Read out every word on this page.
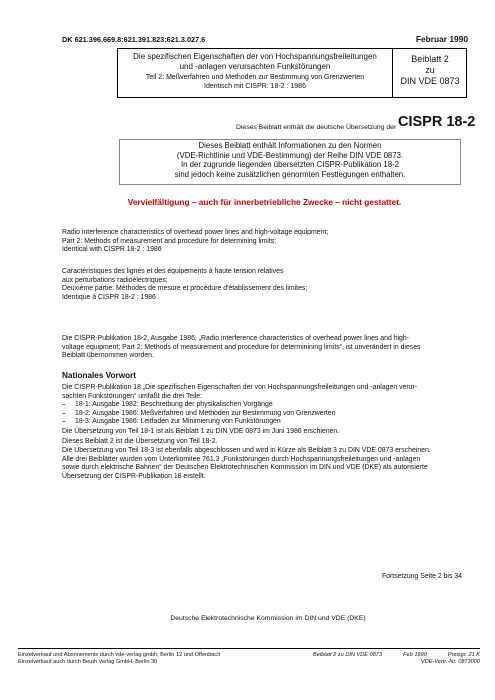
DK 621.396.669.8:621.391.823:621.3.027.6	Februar 1990
Die spezifischen Eigenschaften der von Hochspannungsfreileitungen
und -anlagen verursachten Funkstörungen
Teil 2: Meßverfahren und Methoden zur Bestimmung von Grenzwerten
Identisch mit CISPR: 18-2 : 1986
Beiblatt 2
zu
DIN VDE 0873
Dieses Beiblatt enthält die deutsche Übersetzung der CISPR 18-2
Dieses Beiblatt enthält Informationen zu den Normen
(VDE-Richtlinie und VDE-Bestimmung) der Reihe DIN VDE 0873.
In der zugrunde liegenden übersetzten CISPR-Publikation 18-2
sind jedoch keine zusätzlichen genormten Festlegungen enthalten.
Vervielfältigung – auch für innerbetriebliche Zwecke – nicht gestattet.
Radio interference characteristics of overhead power lines and high-voltage equipment;
Part 2: Methods of measurement and procedure for determining limits;
Identical with CISPR 18-2 : 1986
Caractéristiques des lignes et des équipements à haute tension relatives
aux perturbations radioélectriques;
Deuxième partie: Méthodes de mesure et procédure d'établissement des limites;
Identique à CISPR 18-2 : 1986
Die CISPR-Publikation 18-2, Ausgabe 1986, „Radio interference characteristics of overhead power lines and high-
voltage equipment; Part 2: Methods of measurement and procedure for determinining limits“, ist unverändert in dieses
Beiblatt übernommen worden.
Nationales Vorwort
Die CISPR-Publikation 18 „Die spezifischen Eigenschaften der von Hochspannungsfreileitungen und -anlagen verur-
sachten Funkstörungen“ umfaßt die drei Teile:
–	18-1: Ausgabe 1982: Beschreibung der physikalischen Vorgänge
–	18-2: Ausgabe 1986: Meßverfahren und Methoden zur Bestimmung von Grenzwerten
–	18-3: Ausgabe 1986: Leitfaden zur Minimierung von Funkstörungen
Die Übersetzung von Teil 18-1 ist als Beiblatt 1 zu DIN VDE 0873 im Juni 1986 erschienen.
Dieses Beiblatt 2 ist die Übersetzung von Teil 18-2.
Die Übersetzung von Teil 18-3 ist ebenfalls abgeschlossen und wird in Kürze als Beiblatt 3 zu DIN VDE 0873 erscheinen.
Alle drei Beiblätter wurden vom Unterkomitee 761.3 „Funkstörungen durch Hochspannungsfreileitungen und -anlagen
sowie durch elektrische Bahnen“ der Deutschen Elektrotechnischen Kommission im DIN und VDE (DKE) als autorisierte
Übersetzung der CISPR-Publikation 18 erstellt.
Fortsetzung Seite 2 bis 34
Deutsche Elektrotechnische Kommission im DIN und VDE (DKE)
Einzelverkauf und Abonnements durch vde-verlag gmbh, Berlin 12 und Offenbach
Einzelverkauf auch durch Beuth Verlag GmbH, Berlin 30
Beiblatt 2 zu DIN VDE 0873	Feb 1990	Preisgr. 21 K
VDE-Vertr.-Nr. 0873000
